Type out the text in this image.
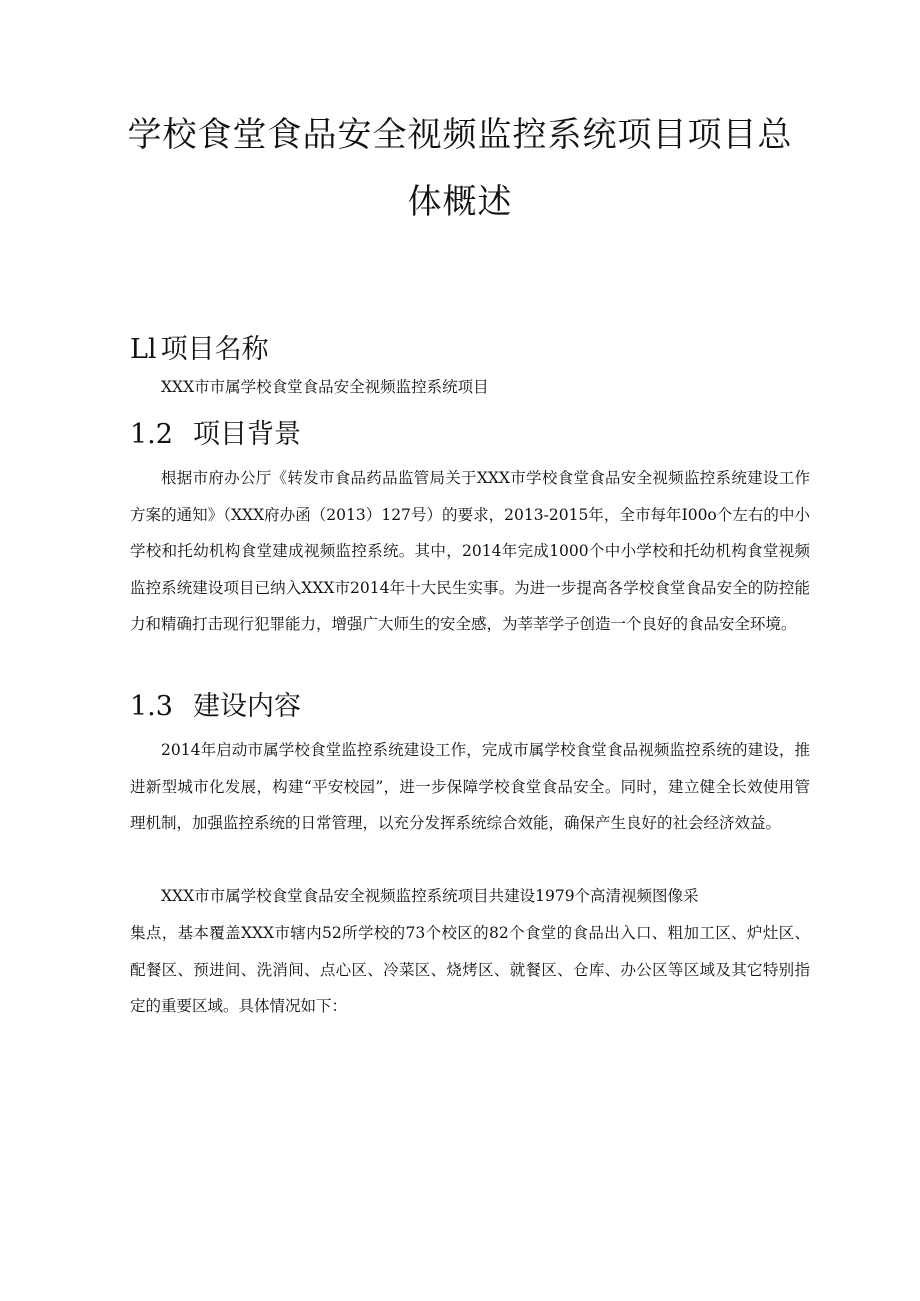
学校食堂食品安全视频监控系统项目项目总
体概述
Ll 项目名称

XXX市市属学校食堂食品安全视频监控系统项目

1.2 项目背景

根据市府办公厅《转发市食品药品监管局关于XXX市学校食堂食品安全视频监控系统建设工作方案的通知》（XXX府办函（2013）127号）的要求，2013-2015年，全市每年I00o个左右的中小学校和托幼机构食堂建成视频监控系统。其中，2014年完成1000个中小学校和托幼机构食堂视频监控系统建设项目已纳入XXX市2014年十大民生实事。为进一步提高各学校食堂食品安全的防控能力和精确打击现行犯罪能力，增强广大师生的安全感，为莘莘学子创造一个良好的食品安全环境。

1.3 建设内容

2014年启动市属学校食堂监控系统建设工作，完成市属学校食堂食品视频监控系统的建设，推进新型城市化发展，构建“平安校园”，进一步保障学校食堂食品安全。同时，建立健全长效使用管理机制，加强监控系统的日常管理，以充分发挥系统综合效能，确保产生良好的社会经济效益。

XXX市市属学校食堂食品安全视频监控系统项目共建设1979个高清视频图像采

集点，基本覆盖XXX市辖内52所学校的73个校区的82个食堂的食品出入口、粗加工区、炉灶区、配餐区、预进间、洗消间、点心区、冷菜区、烧烤区、就餐区、仓库、办公区等区域及其它特别指定的重要区域。具体情况如下：
